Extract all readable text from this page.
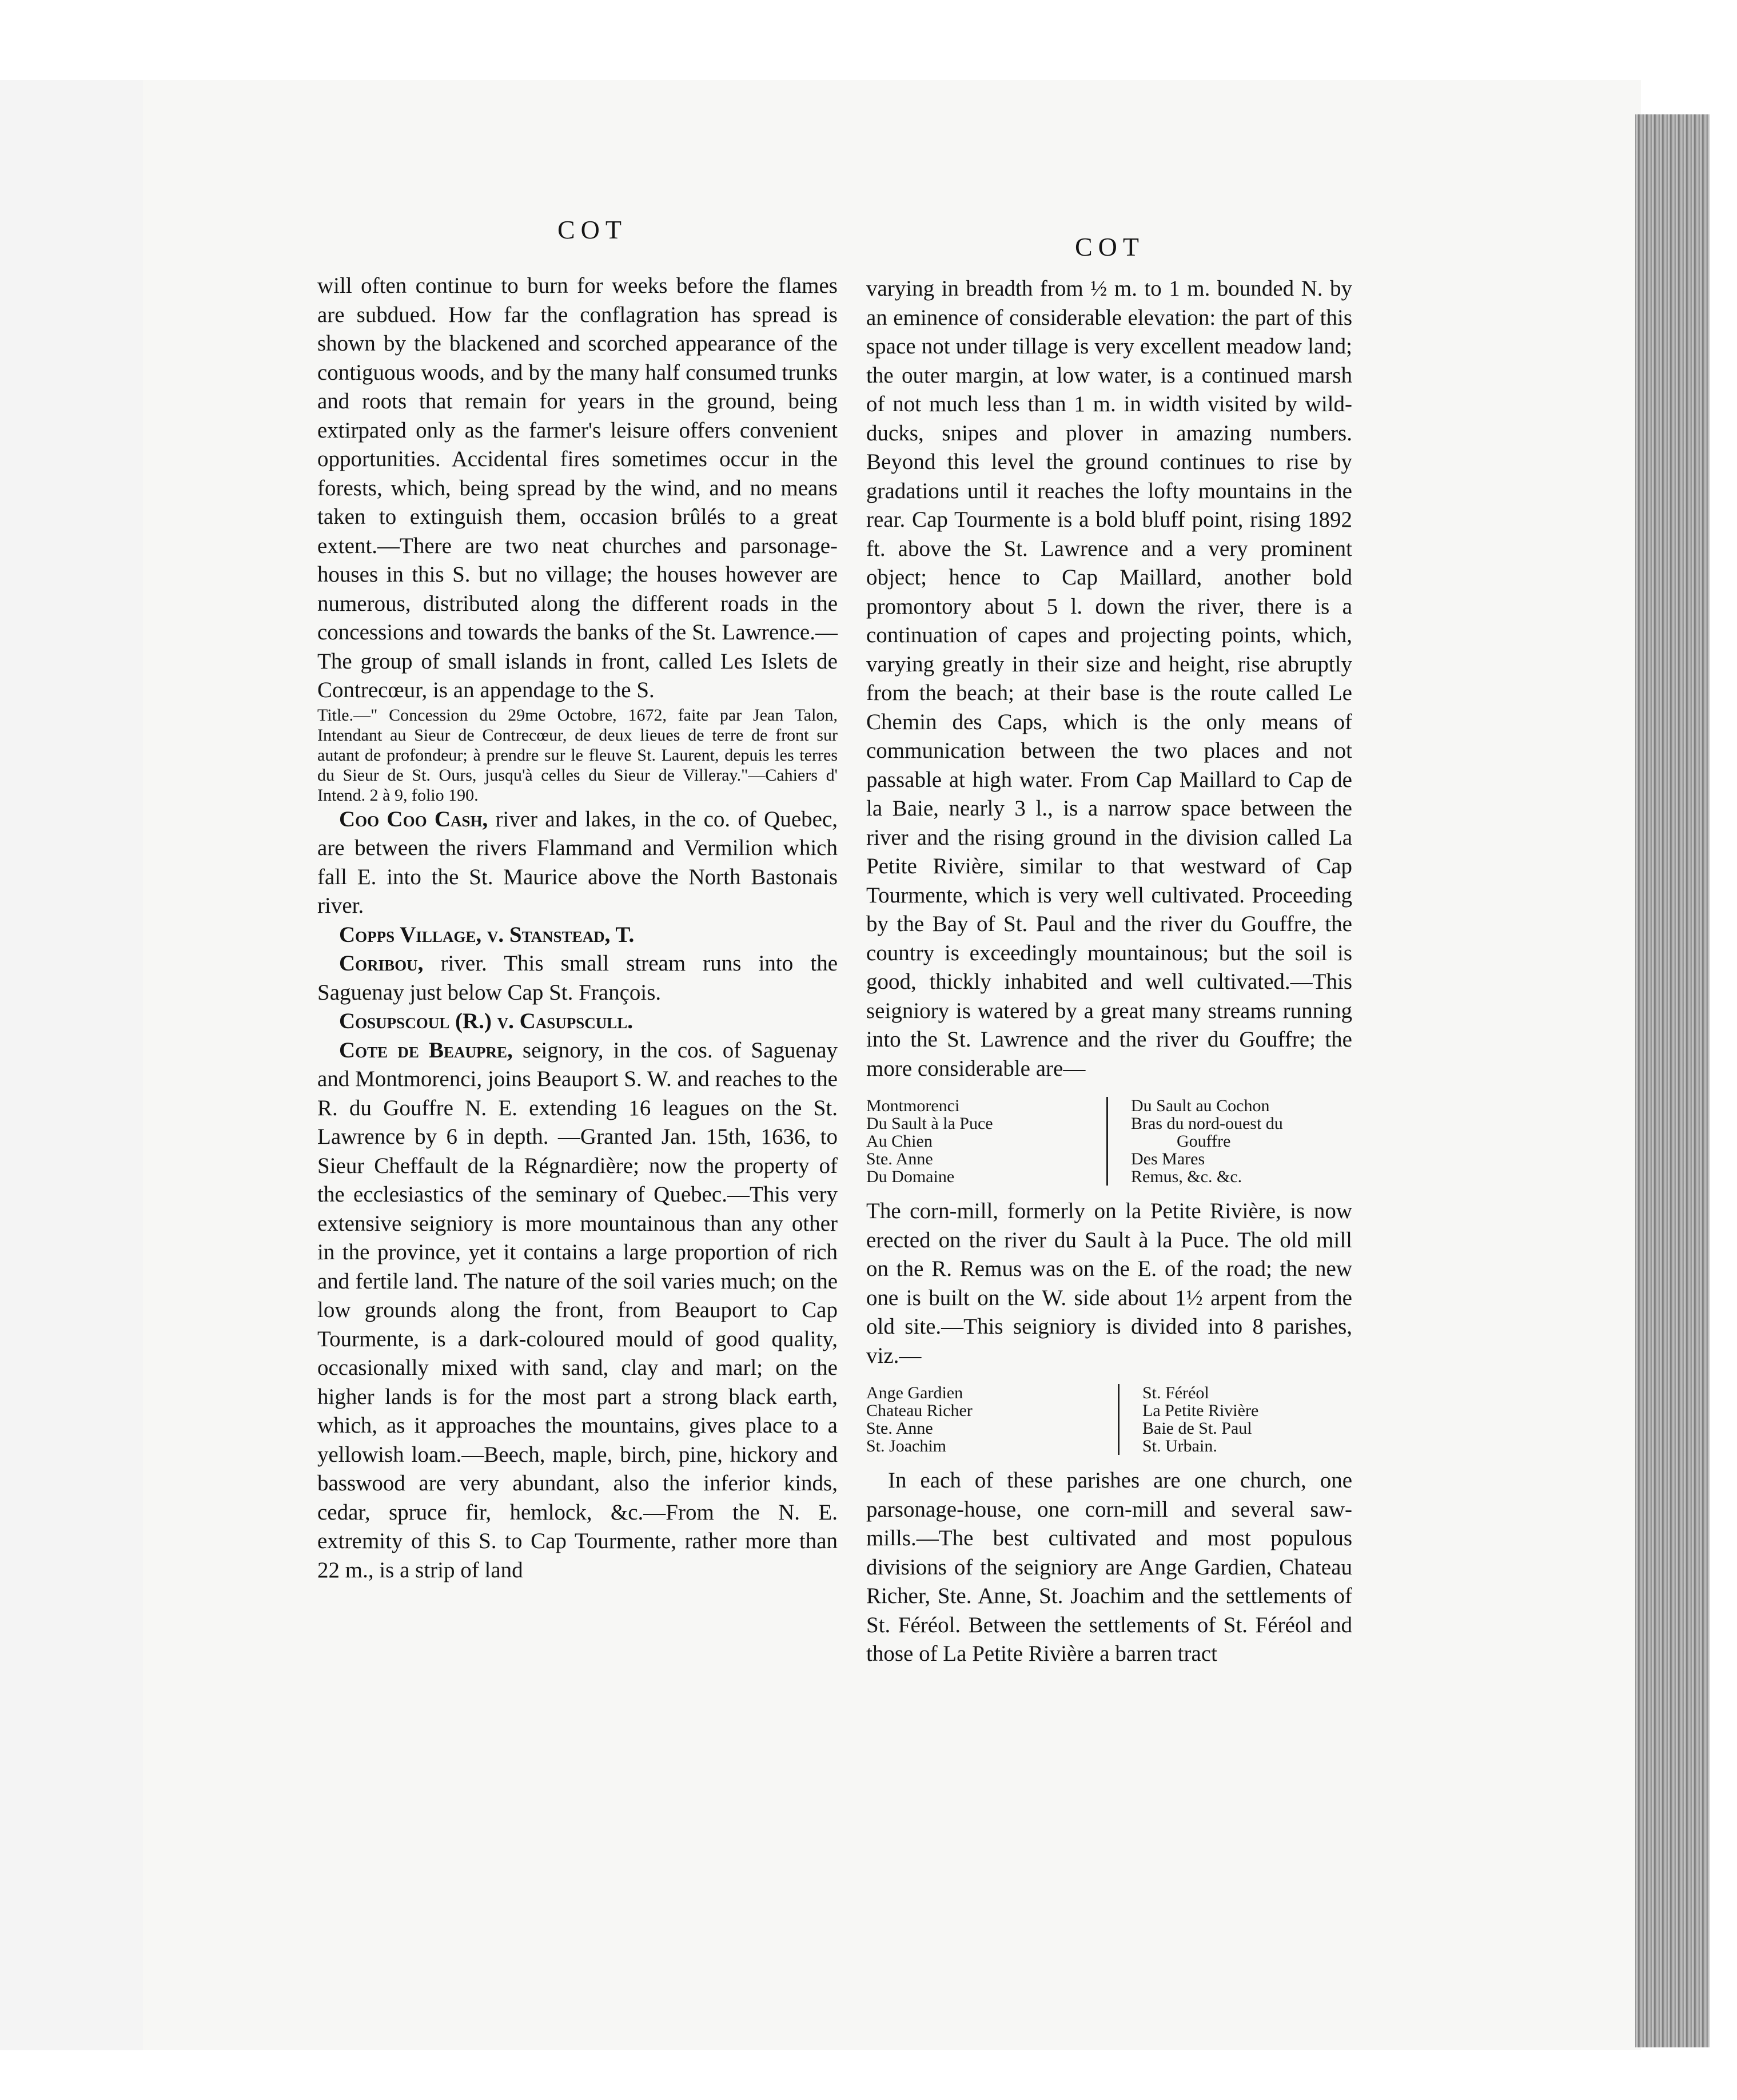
COT
COT

will often continue to burn for weeks before the flames are subdued. How far the conflagration has spread is shown by the blackened and scorched appearance of the contiguous woods, and by the many half consumed trunks and roots that remain for years in the ground, being extirpated only as the farmer's leisure offers convenient opportunities. Accidental fires sometimes occur in the forests, which, being spread by the wind, and no means taken to extinguish them, occasion brûlés to a great extent.—There are two neat churches and parsonage-houses in this S. but no village; the houses however are numerous, distributed along the different roads in the concessions and towards the banks of the St. Lawrence.—The group of small islands in front, called Les Islets de Contrecœur, is an appendage to the S.

Title.—" Concession du 29me Octobre, 1672, faite par Jean Talon, Intendant au Sieur de Contrecœur, de deux lieues de terre de front sur autant de profondeur; à prendre sur le fleuve St. Laurent, depuis les terres du Sieur de St. Ours, jusqu'à celles du Sieur de Villeray."—Cahiers d' Intend. 2 à 9, folio 190.

Coo Coo Cash, river and lakes, in the co. of Quebec, are between the rivers Flammand and Vermilion which fall E. into the St. Maurice above the North Bastonais river.

Copps Village, v. Stanstead, T.

Coribou, river. This small stream runs into the Saguenay just below Cap St. François.

Cosupscoul (R.) v. Casupscull.

Cote de Beaupre, seignory, in the cos. of Saguenay and Montmorenci, joins Beauport S. W. and reaches to the R. du Gouffre N. E. extending 16 leagues on the St. Lawrence by 6 in depth. —Granted Jan. 15th, 1636, to Sieur Cheffault de la Régnardière; now the property of the ecclesiastics of the seminary of Quebec.—This very extensive seigniory is more mountainous than any other in the province, yet it contains a large proportion of rich and fertile land. The nature of the soil varies much; on the low grounds along the front, from Beauport to Cap Tourmente, is a dark-coloured mould of good quality, occasionally mixed with sand, clay and marl; on the higher lands is for the most part a strong black earth, which, as it approaches the mountains, gives place to a yellowish loam.—Beech, maple, birch, pine, hickory and basswood are very abundant, also the inferior kinds, cedar, spruce fir, hemlock, &c.—From the N. E. extremity of this S. to Cap Tourmente, rather more than 22 m., is a strip of land

varying in breadth from ½ m. to 1 m. bounded N. by an eminence of considerable elevation: the part of this space not under tillage is very excellent meadow land; the outer margin, at low water, is a continued marsh of not much less than 1 m. in width visited by wild-ducks, snipes and plover in amazing numbers. Beyond this level the ground continues to rise by gradations until it reaches the lofty mountains in the rear. Cap Tourmente is a bold bluff point, rising 1892 ft. above the St. Lawrence and a very prominent object; hence to Cap Maillard, another bold promontory about 5 l. down the river, there is a continuation of capes and projecting points, which, varying greatly in their size and height, rise abruptly from the beach; at their base is the route called Le Chemin des Caps, which is the only means of communication between the two places and not passable at high water. From Cap Maillard to Cap de la Baie, nearly 3 l., is a narrow space between the river and the rising ground in the division called La Petite Rivière, similar to that westward of Cap Tourmente, which is very well cultivated. Proceeding by the Bay of St. Paul and the river du Gouffre, the country is exceedingly mountainous; but the soil is good, thickly inhabited and well cultivated.—This seigniory is watered by a great many streams running into the St. Lawrence and the river du Gouffre; the more considerable are—

Montmorenci
Du Sault à la Puce
Au Chien
Ste. Anne
Du Domaine
Du Sault au Cochon
Bras du nord-ouest du
Gouffre
Des Mares
Remus, &c. &c.

The corn-mill, formerly on la Petite Rivière, is now erected on the river du Sault à la Puce. The old mill on the R. Remus was on the E. of the road; the new one is built on the W. side about 1½ arpent from the old site.—This seigniory is divided into 8 parishes, viz.—

Ange Gardien
Chateau Richer
Ste. Anne
St. Joachim
St. Féréol
La Petite Rivière
Baie de St. Paul
St. Urbain.

In each of these parishes are one church, one parsonage-house, one corn-mill and several saw-mills.—The best cultivated and most populous divisions of the seigniory are Ange Gardien, Chateau Richer, Ste. Anne, St. Joachim and the settlements of St. Féréol. Between the settlements of St. Féréol and those of La Petite Rivière a barren tract
